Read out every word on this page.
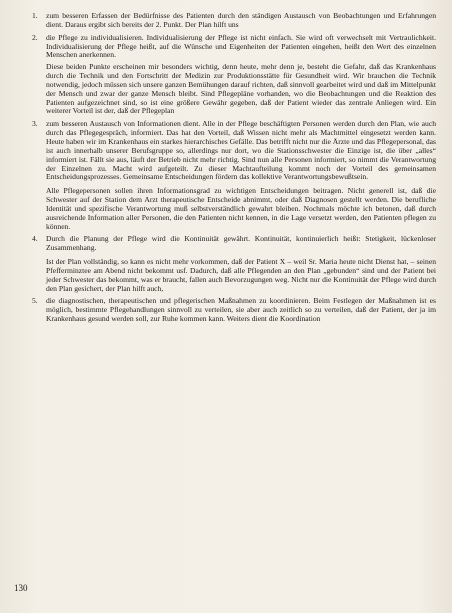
1.	zum besseren Erfassen der Bedürfnisse des Patienten durch den ständigen Austausch von Beobachtungen und Erfahrungen dient. Daraus ergibt sich bereits der 2. Punkt. Der Plan hilft uns

2.	die Pflege zu individualisieren. Individualisierung der Pflege ist nicht einfach. Sie wird oft verwechselt mit Vertraulichkeit. Individualisierung der Pflege heißt, auf die Wünsche und Eigenheiten der Patienten eingehen, heißt den Wert des einzelnen Menschen anerkennen.

Diese beiden Punkte erscheinen mir besonders wichtig, denn heute, mehr denn je, besteht die Gefahr, daß das Krankenhaus durch die Technik und den Fortschritt der Medizin zur Produktionsstätte für Gesundheit wird. Wir brauchen die Technik notwendig, jedoch müssen sich unsere ganzen Bemühungen darauf richten, daß sinnvoll gearbeitet wird und daß im Mittelpunkt der Mensch und zwar der ganze Mensch bleibt. Sind Pflegepläne vorhanden, wo die Beobachtungen und die Reaktion des Patienten aufgezeichnet sind, so ist eine größere Gewähr gegeben, daß der Patient wieder das zentrale Anliegen wird. Ein weiterer Vorteil ist der, daß der Pflegeplan

3.	zum besseren Austausch von Informationen dient. Alle in der Pflege beschäftigten Personen werden durch den Plan, wie auch durch das Pflegegespräch, informiert. Das hat den Vorteil, daß Wissen nicht mehr als Machtmittel eingesetzt werden kann. Heute haben wir im Krankenhaus ein starkes hierarchisches Gefälle. Das betrifft nicht nur die Ärzte und das Pflegepersonal, das ist auch innerhalb unserer Berufsgruppe so, allerdings nur dort, wo die Stationsschwester die Einzige ist, die über „alles“ informiert ist. Fällt sie aus, läuft der Betrieb nicht mehr richtig. Sind nun alle Personen informiert, so nimmt die Verantwortung der Einzelnen zu. Macht wird aufgeteilt. Zu dieser Machtaufteilung kommt noch der Vorteil des gemeinsamen Entscheidungsprozesses. Gemeinsame Entscheidungen fördern das kollektive Verantwortungsbewußtsein.

Alle Pflegepersonen sollen ihren Informationsgrad zu wichtigen Entscheidungen beitragen. Nicht generell ist, daß die Schwester auf der Station dem Arzt therapeutische Entscheide abnimmt, oder daß Diagnosen gestellt werden. Die berufliche Identität und spezifische Verantwortung muß selbstverständlich gewahrt bleiben. Nochmals möchte ich betonen, daß durch ausreichende Information aller Personen, die den Patienten nicht kennen, in die Lage versetzt werden, den Patienten pflegen zu können.

4.	Durch die Planung der Pflege wird die Kontinuität gewährt. Kontinuität, kontinuierlich heißt: Stetigkeit, lückenloser Zusammenhang.

Ist der Plan vollständig, so kann es nicht mehr vorkommen, daß der Patient X – weil Sr. Maria heute nicht Dienst hat, – seinen Pfefferminztee am Abend nicht bekommt usf. Dadurch, daß alle Pflegenden an den Plan „gebunden“ sind und der Patient bei jeder Schwester das bekommt, was er braucht, fallen auch Bevorzugungen weg. Nicht nur die Kontinuität der Pflege wird durch den Plan gesichert, der Plan hilft auch,

5.	die diagnostischen, therapeutischen und pflegerischen Maßnahmen zu koordinieren. Beim Festlegen der Maßnahmen ist es möglich, bestimmte Pflegehandlungen sinnvoll zu verteilen, sie aber auch zeitlich so zu verteilen, daß der Patient, der ja im Krankenhaus gesund werden soll, zur Ruhe kommen kann. Weiters dient die Koordination

130
